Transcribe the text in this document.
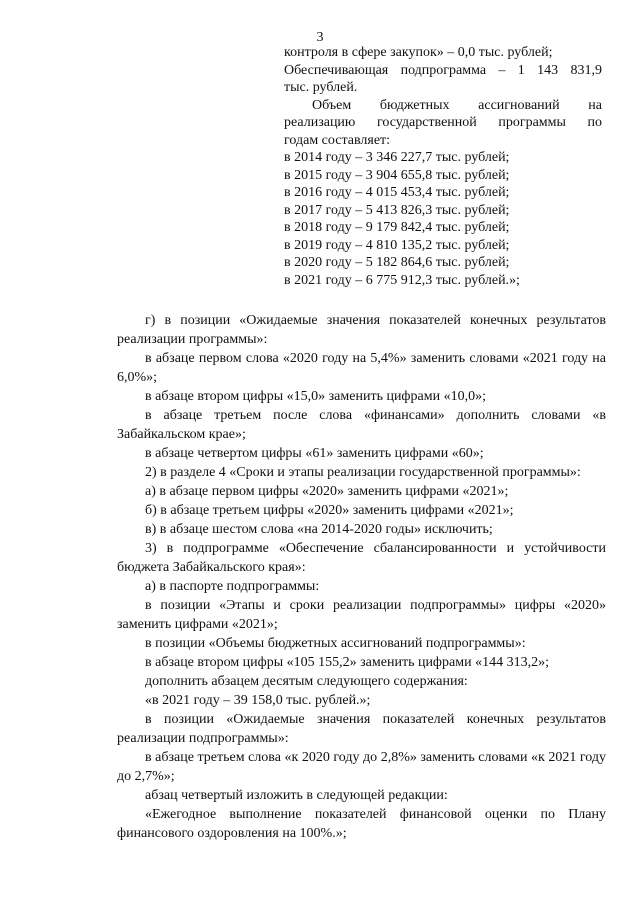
3
контроля в сфере закупок» – 0,0 тыс. рублей;
Обеспечивающая подпрограмма – 1 143 831,9
тыс. рублей.
Объем бюджетных ассигнований на
реализацию государственной программы по
годам составляет:
в 2014 году – 3 346 227,7 тыс. рублей;
в 2015 году – 3 904 655,8 тыс. рублей;
в 2016 году – 4 015 453,4 тыс. рублей;
в 2017 году – 5 413 826,3 тыс. рублей;
в 2018 году – 9 179 842,4 тыс. рублей;
в 2019 году – 4 810 135,2 тыс. рублей;
в 2020 году – 5 182 864,6 тыс. рублей;
в 2021 году – 6 775 912,3 тыс. рублей.»;

г) в позиции «Ожидаемые значения показателей конечных результатов реализации программы»:

в абзаце первом слова «2020 году на 5,4%» заменить словами «2021 году на 6,0%»;

в абзаце втором цифры «15,0» заменить цифрами «10,0»;

в абзаце третьем после слова «финансами» дополнить словами «в Забайкальском крае»;

в абзаце четвертом цифры «61» заменить цифрами «60»;

2) в разделе 4 «Сроки и этапы реализации государственной программы»:

а) в абзаце первом цифры «2020» заменить цифрами «2021»;

б) в абзаце третьем цифры «2020» заменить цифрами «2021»;

в) в абзаце шестом слова «на 2014-2020 годы» исключить;

3) в подпрограмме «Обеспечение сбалансированности и устойчивости бюджета Забайкальского края»:

а) в паспорте подпрограммы:

в позиции «Этапы и сроки реализации подпрограммы» цифры «2020» заменить цифрами «2021»;

в позиции «Объемы бюджетных ассигнований подпрограммы»:

в абзаце втором цифры «105 155,2» заменить цифрами «144 313,2»;

дополнить абзацем десятым следующего содержания:

«в 2021 году – 39 158,0 тыс. рублей.»;

в позиции «Ожидаемые значения показателей конечных результатов реализации подпрограммы»:

в абзаце третьем слова «к 2020 году до 2,8%» заменить словами «к 2021 году до 2,7%»;

абзац четвертый изложить в следующей редакции:

«Ежегодное выполнение показателей финансовой оценки по Плану финансового оздоровления на 100%.»;
